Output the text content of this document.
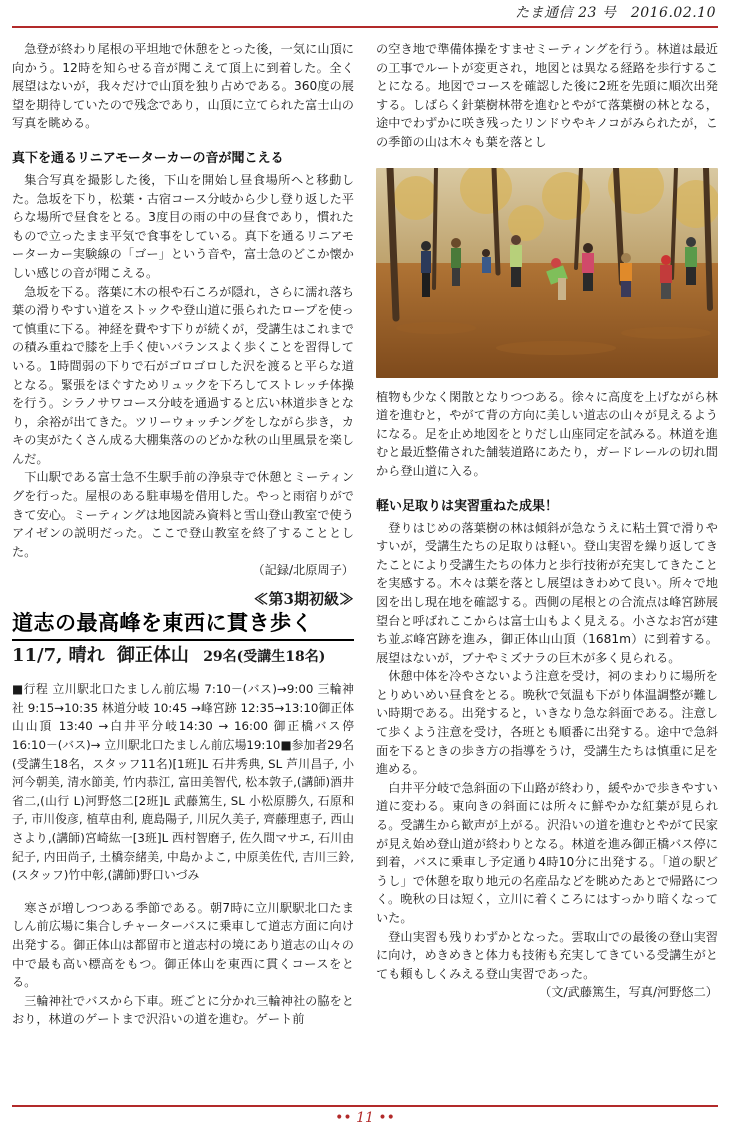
たま通信 23 号　2016.02.10

急登が終わり尾根の平坦地で休憩をとった後，一気に山頂に向かう。12時を知らせる音が聞こえて頂上に到着した。全く展望はないが，我々だけで山頂を独り占めである。360度の展望を期待していたので残念であり，山頂に立てられた富士山の写真を眺める。

真下を通るリニアモーターカーの音が聞こえる

集合写真を撮影した後，下山を開始し昼食場所へと移動した。急坂を下り，松葉・古宿コース分岐から少し登り返した平らな場所で昼食をとる。3度目の雨の中の昼食であり，慣れたもので立ったまま平気で食事をしている。真下を通るリニアモーターカー実験線の「ゴー」という音や，富士急のどこか懐かしい感じの音が聞こえる。

急坂を下る。落葉に木の根や石ころが隠れ，さらに濡れ落ち葉の滑りやすい道をストックや登山道に張られたロープを使って慎重に下る。神経を費やす下りが続くが，受講生はこれまでの積み重ねで膝を上手く使いバランスよく歩くことを習得している。1時間弱の下りで石がゴロゴロした沢を渡ると平らな道となる。緊張をほぐすためリュックを下ろしてストレッチ体操を行う。シラノサワコース分岐を通過すると広い林道歩きとなり，余裕が出てきた。ツリーウォッチングをしながら歩き，カキの実がたくさん成る大棚集落ののどかな秋の山里風景を楽しんだ。

下山駅である富士急不生駅手前の浄泉寺で休憩とミーティングを行った。屋根のある駐車場を借用した。やっと雨宿りができて安心。ミーティングは地図読み資料と雪山登山教室で使うアイゼンの説明だった。ここで登山教室を終了することとした。

（記録/北原周子）

≪第3期初級≫
道志の最高峰を東西に貫き歩く
11/7, 晴れ 御正体山 29名(受講生18名)

■行程 立川駅北口たましん前広場 7:10－(バス)→9:00 三輪神社 9:15→10:35 林道分岐 10:45 →峰宮跡 12:35→13:10御正体山山頂 13:40 →白井平分岐14:30 → 16:00 御正橋バス停 16:10－(バス)→ 立川駅北口たましん前広場19:10■参加者29名(受講生18名，スタッフ11名)[1班]L 石井秀典, SL 芦川昌子, 小河今朝美, 清水節美, 竹内恭江, 富田美智代, 松本敦子,(講師)酒井省二,(山行 L)河野悠二[2班]L 武藤篤生, SL 小松原勝久, 石原和子, 市川俊彦, 植草由利, 鹿島陽子, 川尻久美子, 齊藤理恵子, 西山さより,(講師)宮崎紘一[3班]L 西村智磨子, 佐久間マサエ, 石川由紀子, 内田尚子, 土橋奈緒美, 中島かよこ, 中原美佐代, 吉川三鈴,(スタッフ)竹中彰,(講師)野口いづみ

寒さが増しつつある季節である。朝7時に立川駅駅北口たましん前広場に集合しチャーターバスに乗車して道志方面に向け出発する。御正体山は都留市と道志村の境にあり道志の山々の中で最も高い標高をもつ。御正体山を東西に貫くコースをとる。

三輪神社でバスから下車。班ごとに分かれ三輪神社の脇をとおり，林道のゲートまで沢沿いの道を進む。ゲート前

の空き地で準備体操をすませミーティングを行う。林道は最近の工事でルートが変更され，地図とは異なる経路を歩行することになる。地図でコースを確認した後に2班を先頭に順次出発する。しばらく針葉樹林帯を進むとやがて落葉樹の林となる，途中でわずかに咲き残ったリンドウやキノコがみられたが，この季節の山は木々も葉を落とし

植物も少なく閑散となりつつある。徐々に高度を上げながら林道を進むと，やがて背の方向に美しい道志の山々が見えるようになる。足を止め地図をとりだし山座同定を試みる。林道を進むと最近整備された舗装道路にあたり，ガードレールの切れ間から登山道に入る。

軽い足取りは実習重ねた成果！

登りはじめの落葉樹の林は傾斜が急なうえに粘土質で滑りやすいが，受講生たちの足取りは軽い。登山実習を繰り返してきたことにより受講生たちの体力と歩行技術が充実してきたことを実感する。木々は葉を落とし展望はきわめて良い。所々で地図を出し現在地を確認する。西側の尾根との合流点は峰宮跡展望台と呼ばれここからは富士山もよく見える。小さなお宮が建ち並ぶ峰宮跡を進み，御正体山山頂（1681m）に到着する。展望はないが，ブナやミズナラの巨木が多く見られる。

休憩中体を冷やさないよう注意を受け，祠のまわりに場所をとりめいめい昼食をとる。晩秋で気温も下がり体温調整が難しい時期である。出発すると，いきなり急な斜面である。注意して歩くよう注意を受け，各班とも順番に出発する。途中で急斜面を下るときの歩き方の指導をうけ，受講生たちは慎重に足を進める。

白井平分岐で急斜面の下山路が終わり，緩やかで歩きやすい道に変わる。東向きの斜面には所々に鮮やかな紅葉が見られる。受講生から歓声が上がる。沢沿いの道を進むとやがて民家が見え始め登山道が終わりとなる。林道を進み御正橋バス停に到着，バスに乗車し予定通り4時10分に出発する。「道の駅どうし」で休憩を取り地元の名産品などを眺めたあとで帰路につく。晩秋の日は短く，立川に着くころにはすっかり暗くなっていた。

登山実習も残りわずかとなった。雲取山での最後の登山実習に向け，めきめきと体力も技術も充実してきている受講生がとても頼もしくみえる登山実習であった。

（文/武藤篤生，写真/河野悠二）

•• 11 ••
